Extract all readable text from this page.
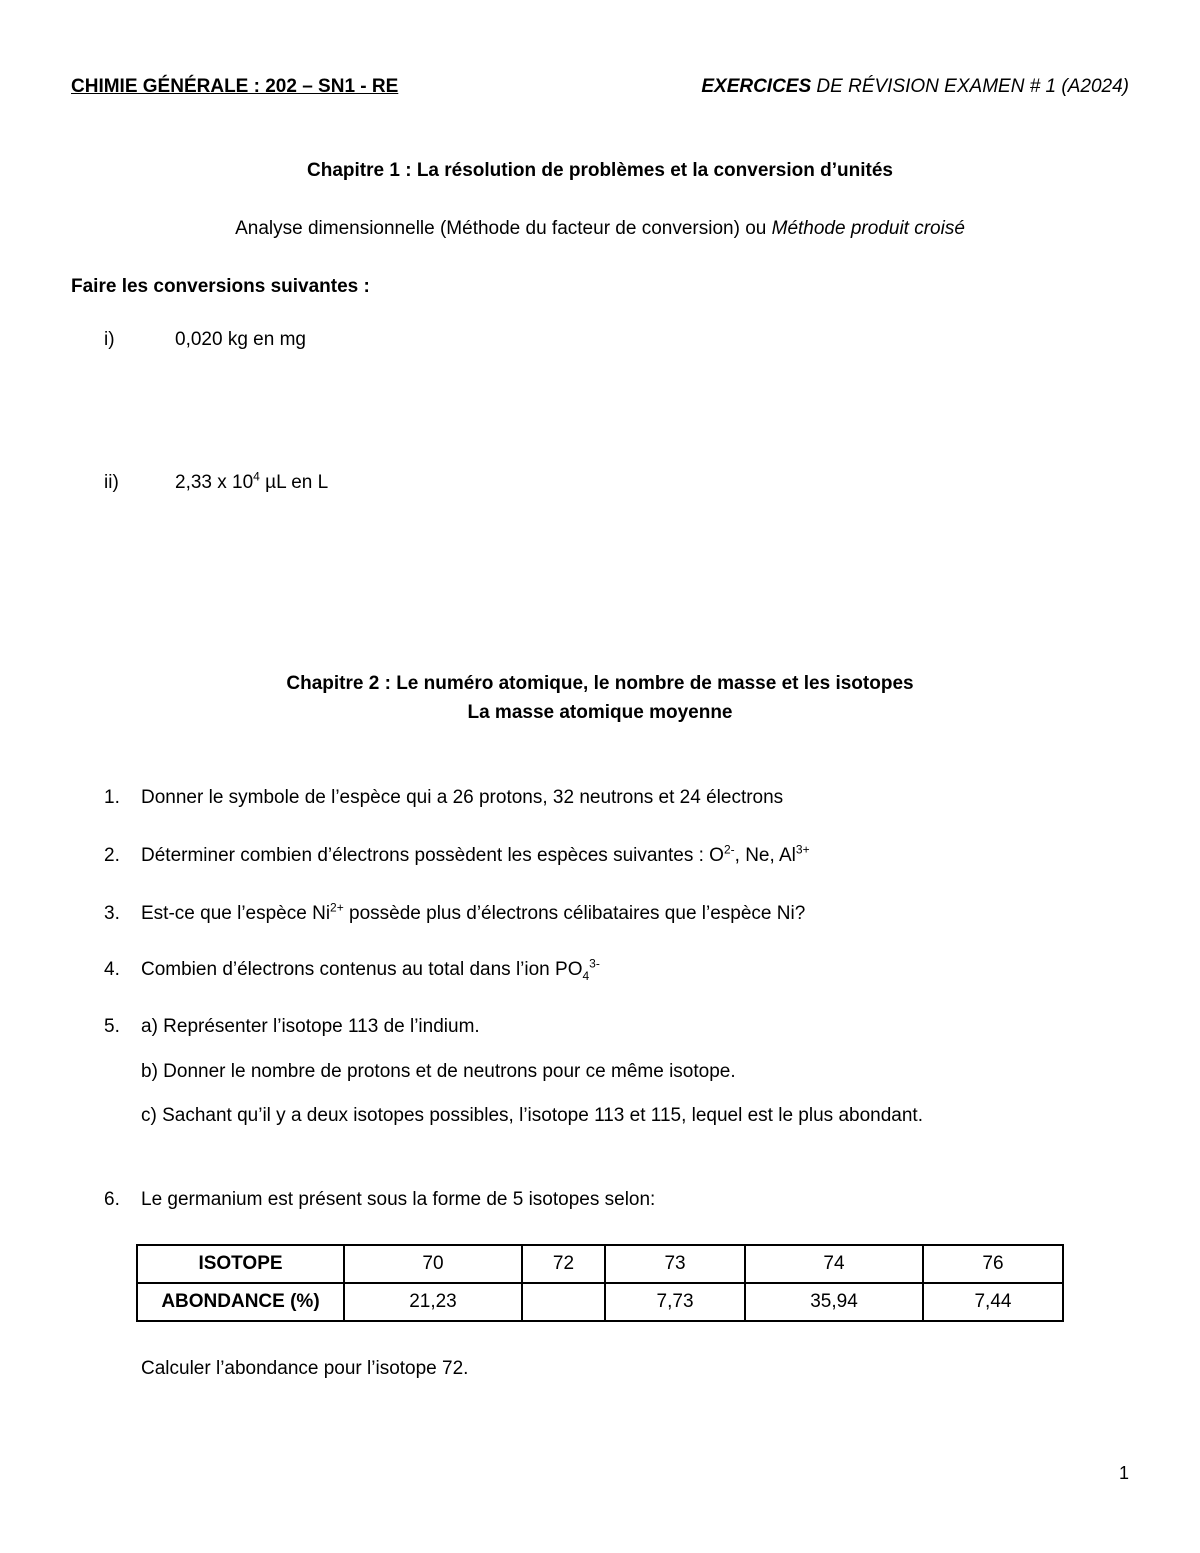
CHIMIE GÉNÉRALE : 202 – SN1 - RE	EXERCICES DE RÉVISION EXAMEN # 1 (A2024)
Chapitre 1 : La résolution de problèmes et la conversion d’unités
Analyse dimensionnelle (Méthode du facteur de conversion) ou Méthode produit croisé
Faire les conversions suivantes :
i)	0,020 kg en mg
ii)	2,33 x $10^4$ µL en L
Chapitre 2 : Le numéro atomique, le nombre de masse et les isotopes
La masse atomique moyenne
1. Donner le symbole de l’espèce qui a 26 protons, 32 neutrons et 24 électrons
2. Déterminer combien d’électrons possèdent les espèces suivantes : $O^{2-}$, Ne, $Al^{3+}$
3. Est-ce que l’espèce $Ni^{2+}$ possède plus d’électrons célibataires que l’espèce Ni?
4. Combien d’électrons contenus au total dans l’ion $PO_4^{3-}$
5. a) Représenter l’isotope 113 de l’indium.
b) Donner le nombre de protons et de neutrons pour ce même isotope.
c) Sachant qu’il y a deux isotopes possibles, l’isotope 113 et 115, lequel est le plus abondant.
6. Le germanium est présent sous la forme de 5 isotopes selon:
ISOTOPE	70	72	73	74	76
ABONDANCE (%)	21,23		7,73	35,94	7,44
Calculer l’abondance pour l’isotope 72.
1
